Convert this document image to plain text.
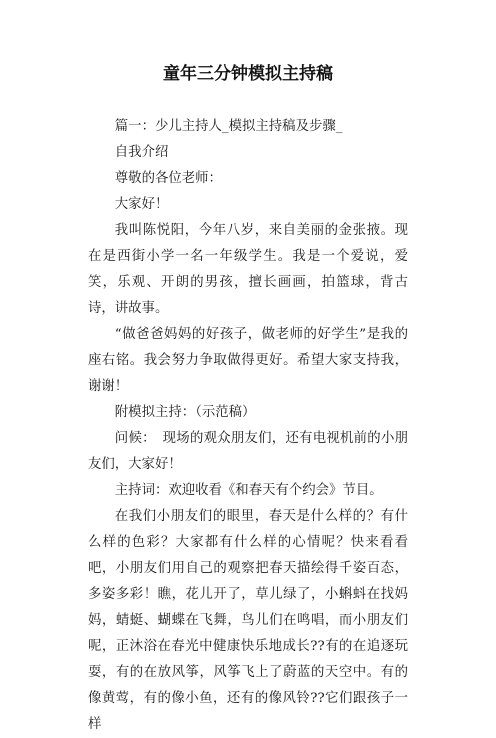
童年三分钟模拟主持稿

篇一：少儿主持人_模拟主持稿及步骤_

自我介绍

尊敬的各位老师：

大家好！

我叫陈悦阳，今年八岁，来自美丽的金张掖。现在是西街小学一名一年级学生。我是一个爱说，爱笑，乐观、开朗的男孩，擅长画画，拍篮球，背古诗，讲故事。

“做爸爸妈妈的好孩子，做老师的好学生”是我的座右铭。我会努力争取做得更好。希望大家支持我，谢谢！

附模拟主持：（示范稿）

问候：　现场的观众朋友们，还有电视机前的小朋友们，大家好！

主持词：欢迎收看《和春天有个约会》节目。

在我们小朋友们的眼里，春天是什么样的？有什么样的色彩？大家都有什么样的心情呢？快来看看吧，小朋友们用自己的观察把春天描绘得千姿百态，多姿多彩！瞧，花儿开了，草儿绿了，小蝌蚪在找妈妈，蜻蜓、蝴蝶在飞舞，鸟儿们在鸣唱，而小朋友们呢，正沐浴在春光中健康快乐地成长??有的在追逐玩耍，有的在放风筝，风筝飞上了蔚蓝的天空中。有的像黄莺，有的像小鱼，还有的像风铃??它们跟孩子一样
